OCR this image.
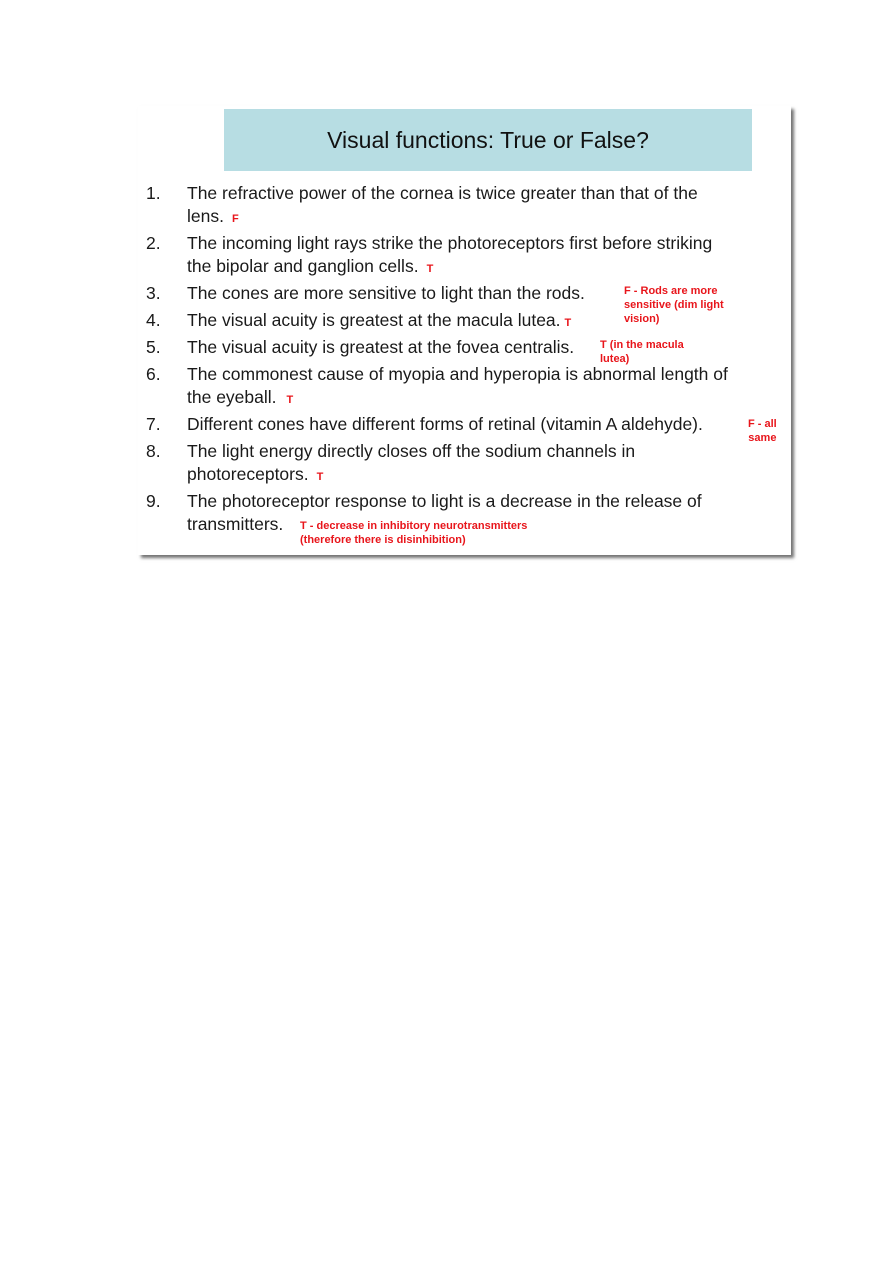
Visual functions: True or False?
1. The refractive power of the cornea is twice greater than that of the
lens. F
2. The incoming light rays strike the photoreceptors first before striking
the bipolar and ganglion cells. T
3. The cones are more sensitive to light than the rods.	F - Rods are more
sensitive (dim light
vision)
4. The visual acuity is greatest at the macula lutea. T
5. The visual acuity is greatest at the fovea centralis.	T (in the macula
lutea)
6. The commonest cause of myopia and hyperopia is abnormal length of
the eyeball. T
7. Different cones have different forms of retinal (vitamin A aldehyde).	F - all
same
8. The light energy directly closes off the sodium channels in
photoreceptors. T
9. The photoreceptor response to light is a decrease in the release of
transmitters.	T - decrease in inhibitory neurotransmitters
(therefore there is disinhibition)
